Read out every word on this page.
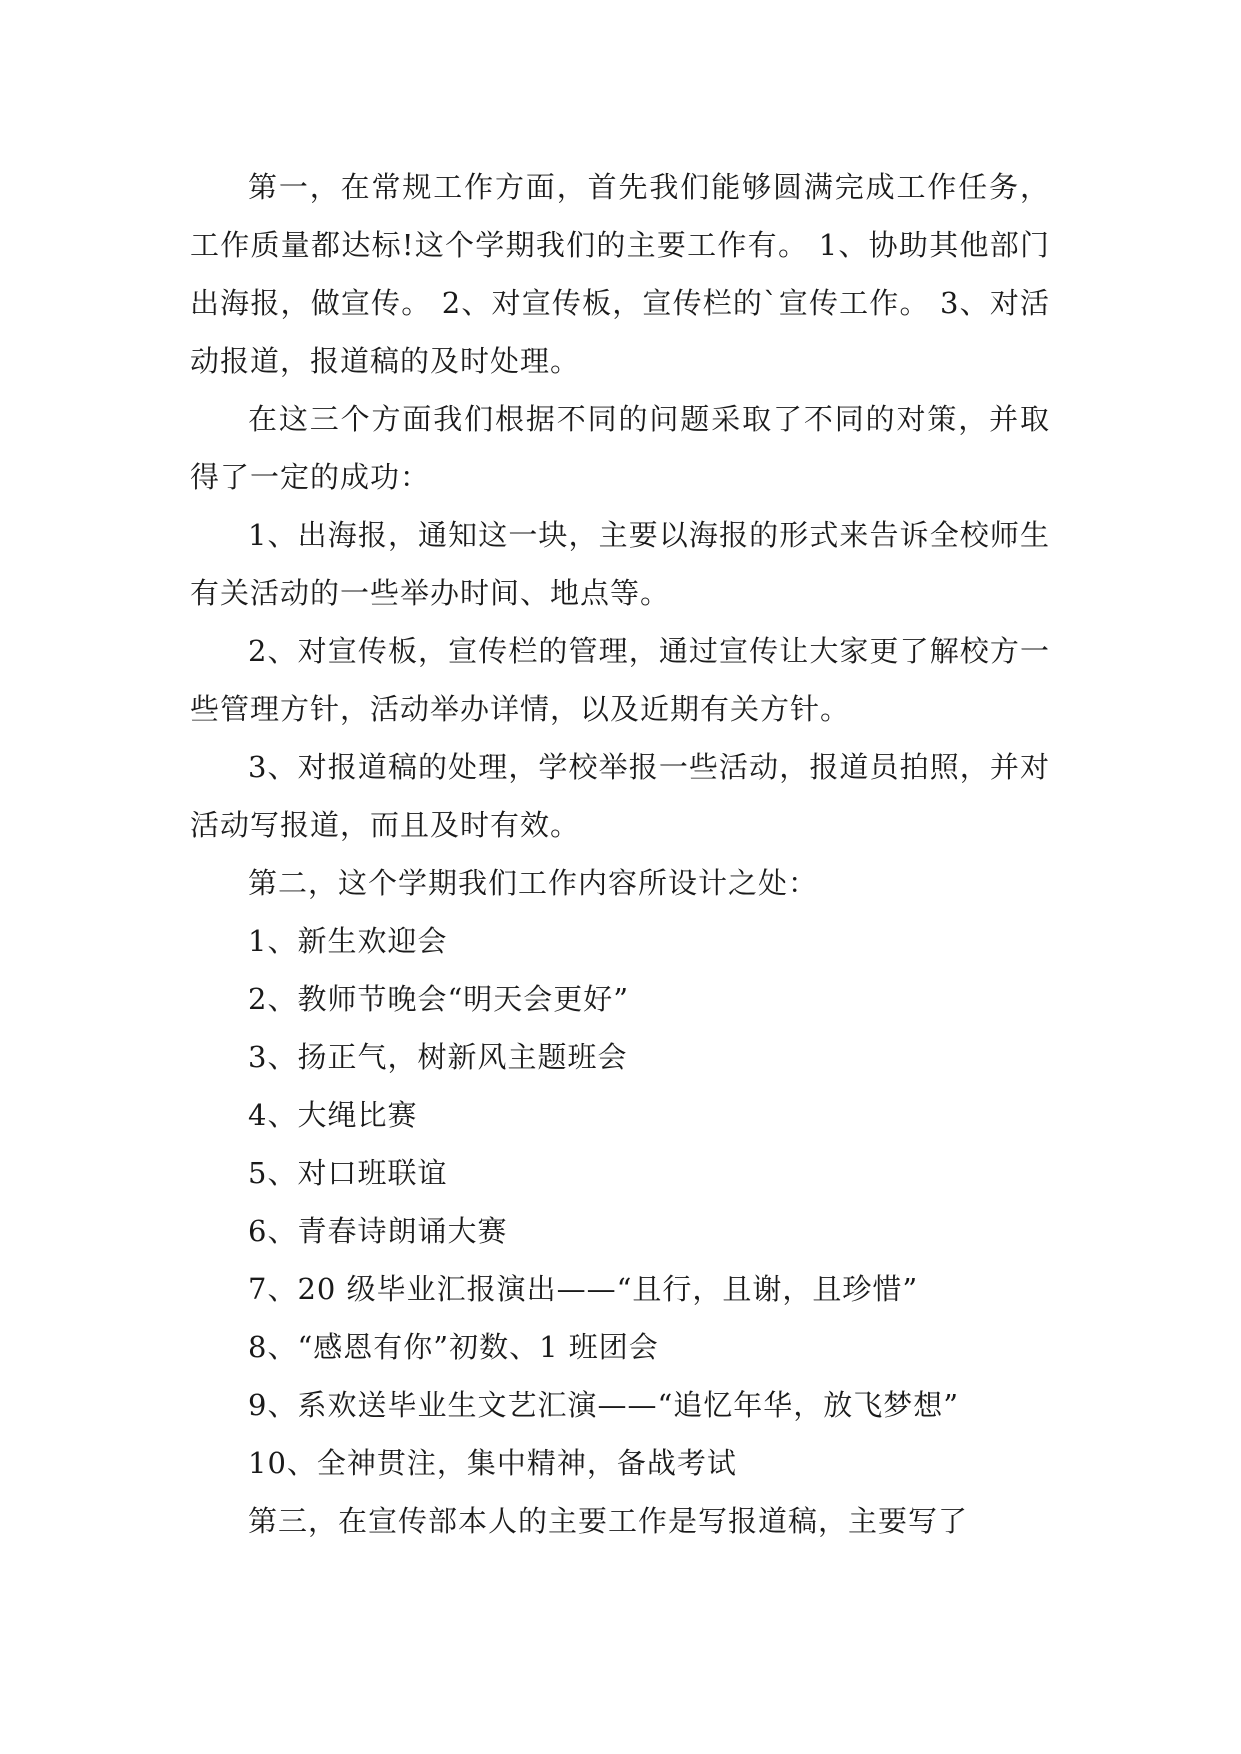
第一，在常规工作方面，首先我们能够圆满完成工作任务，工作质量都达标!这个学期我们的主要工作有。 1、协助其他部门出海报，做宣传。 2、对宣传板，宣传栏的`宣传工作。 3、对活动报道，报道稿的及时处理。

在这三个方面我们根据不同的问题采取了不同的对策，并取得了一定的成功：

1、出海报，通知这一块，主要以海报的形式来告诉全校师生有关活动的一些举办时间、地点等。

2、对宣传板，宣传栏的管理，通过宣传让大家更了解校方一些管理方针，活动举办详情，以及近期有关方针。

3、对报道稿的处理，学校举报一些活动，报道员拍照，并对活动写报道，而且及时有效。

第二，这个学期我们工作内容所设计之处：

1、新生欢迎会

2、教师节晚会“明天会更好”

3、扬正气，树新风主题班会

4、大绳比赛

5、对口班联谊

6、青春诗朗诵大赛

7、20 级毕业汇报演出——“且行，且谢，且珍惜”

8、“感恩有你”初数、1 班团会

9、系欢送毕业生文艺汇演——“追忆年华，放飞梦想”

10、全神贯注，集中精神，备战考试

第三，在宣传部本人的主要工作是写报道稿，主要写了
